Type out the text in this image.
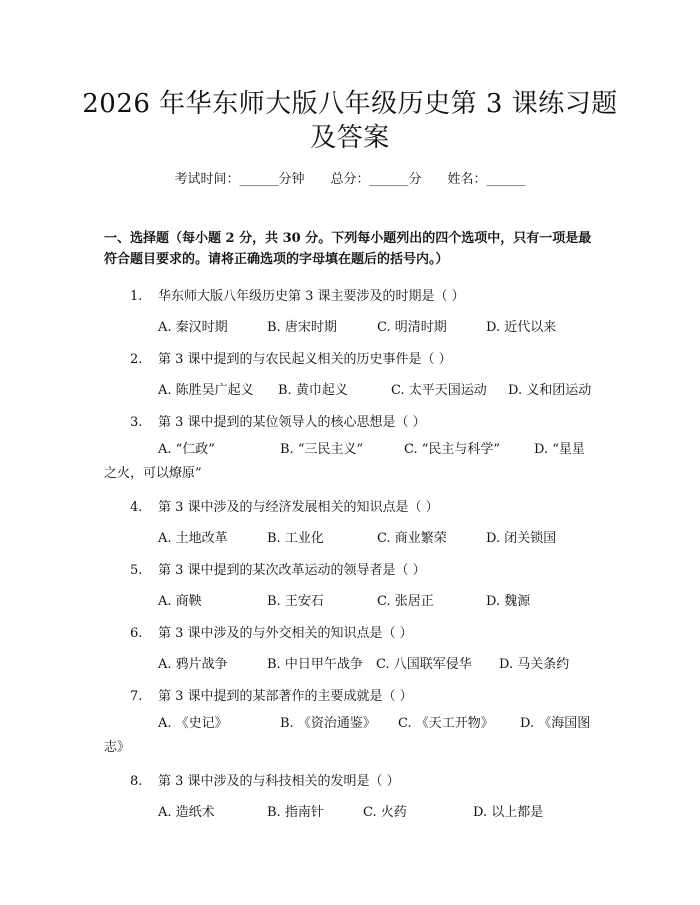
2026 年华东师大版八年级历史第 3 课练习题
及答案
考试时间：______分钟 总分：______分 姓名：______
一、选择题（每小题 2 分，共 30 分。下列每小题列出的四个选项中，只有一项是最符合题目要求的。请将正确选项的字母填在题后的括号内。）
1. 华东师大版八年级历史第 3 课主要涉及的时期是（ ）
A. 秦汉时期	B. 唐宋时期	C. 明清时期	D. 近代以来
2. 第 3 课中提到的与农民起义相关的历史事件是（ ）
A. 陈胜吴广起义 B. 黄巾起义	C. 太平天国运动 D. 义和团运动
3. 第 3 课中提到的某位领导人的核心思想是（ ）
A. “仁政”	B. “三民主义”	C. “民主与科学”	D. “星星
之火，可以燎原”
4. 第 3 课中涉及的与经济发展相关的知识点是（ ）
A. 土地改革	B. 工业化	C. 商业繁荣	D. 闭关锁国
5. 第 3 课中提到的某次改革运动的领导者是（ ）
A. 商鞅	B. 王安石	C. 张居正	D. 魏源
6. 第 3 课中涉及的与外交相关的知识点是（ ）
A. 鸦片战争	B. 中日甲午战争 C. 八国联军侵华 D. 马关条约
7. 第 3 课中提到的某部著作的主要成就是（ ）
A. 《史记》	B. 《资治通鉴》 C. 《天工开物》 D. 《海国图
志》
8. 第 3 课中涉及的与科技相关的发明是（ ）
A. 造纸术	B. 指南针	C. 火药	D. 以上都是
